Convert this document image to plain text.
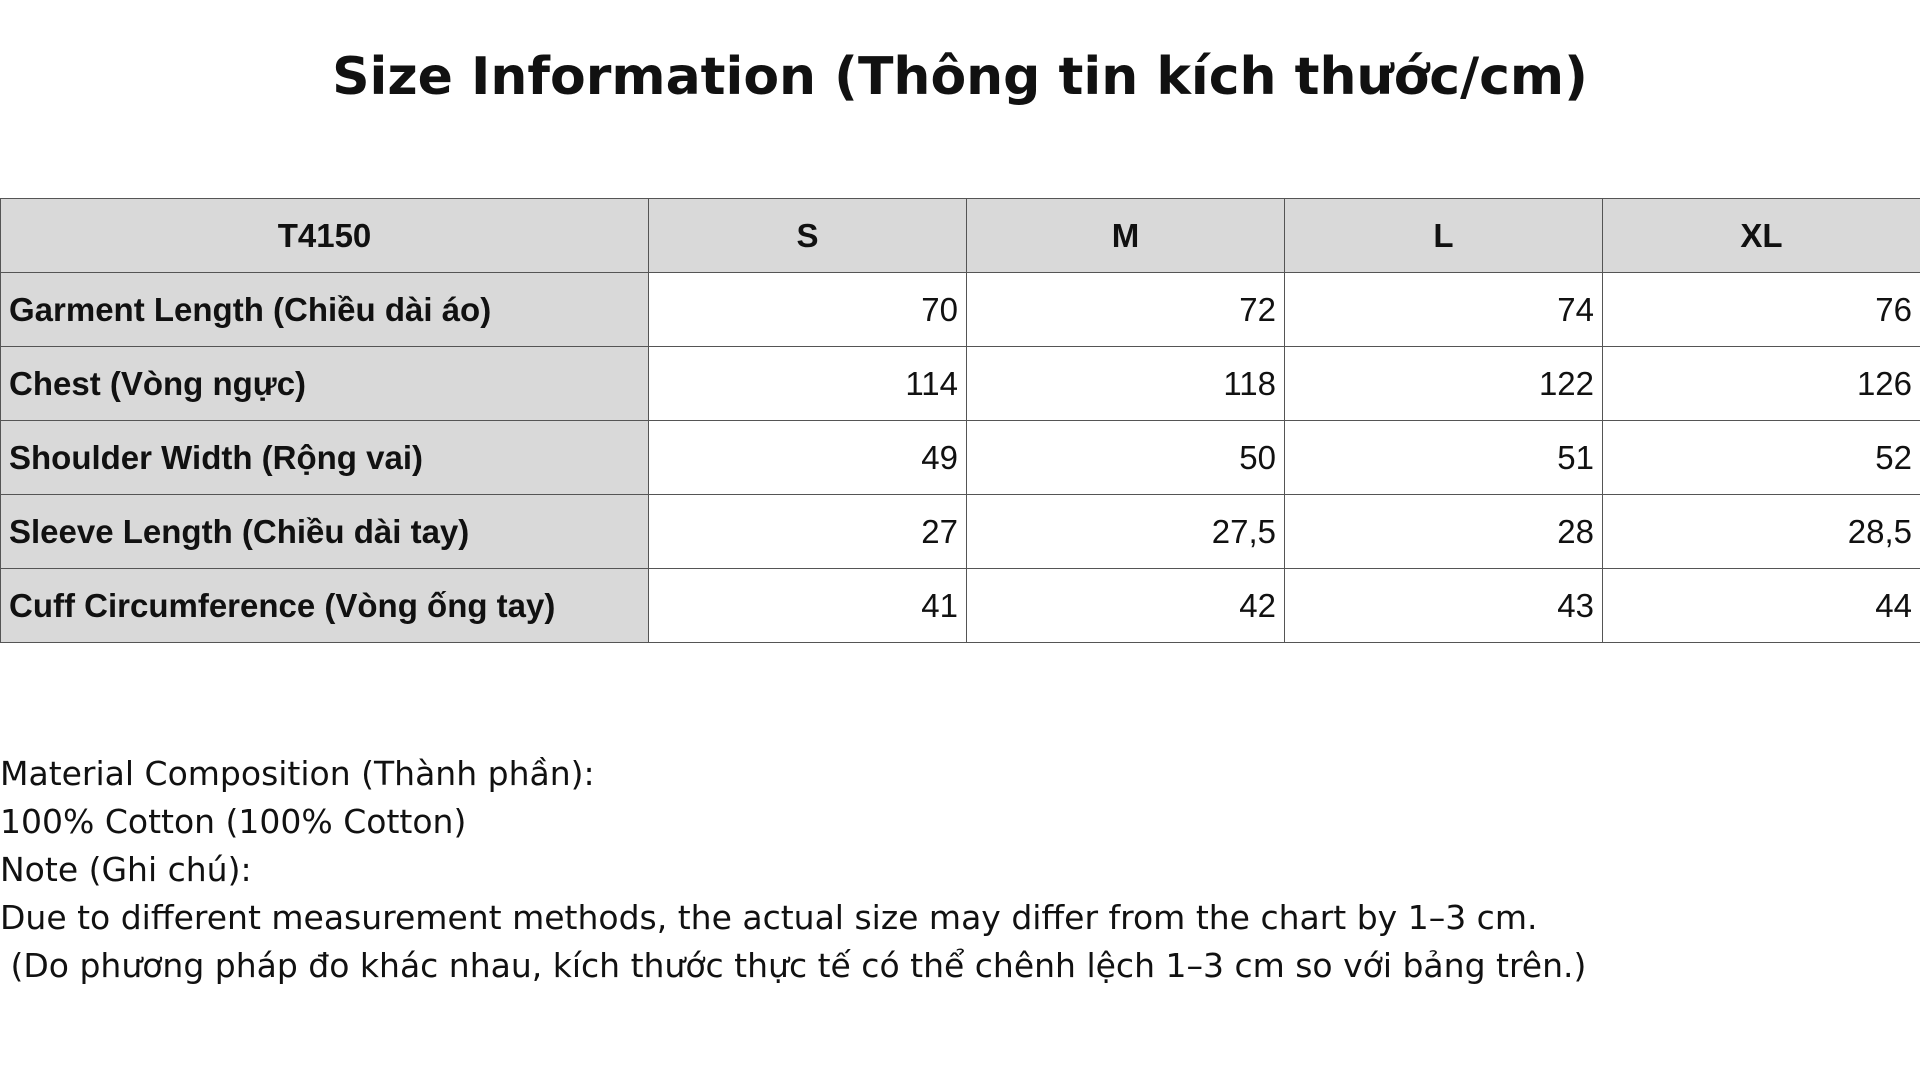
Size Information (Thông tin kích thước/cm)
T4150	S	M	L	XL
Garment Length (Chiều dài áo)	70	72	74	76
Chest (Vòng ngực)	114	118	122	126
Shoulder Width (Rộng vai)	49	50	51	52
Sleeve Length (Chiều dài tay)	27	27,5	28	28,5
Cuff Circumference (Vòng ống tay)	41	42	43	44
Material Composition (Thành phần):
100% Cotton (100% Cotton)
Note (Ghi chú):
Due to different measurement methods, the actual size may differ from the chart by 1–3 cm.
(Do phương pháp đo khác nhau, kích thước thực tế có thể chênh lệch 1–3 cm so với bảng trên.)
